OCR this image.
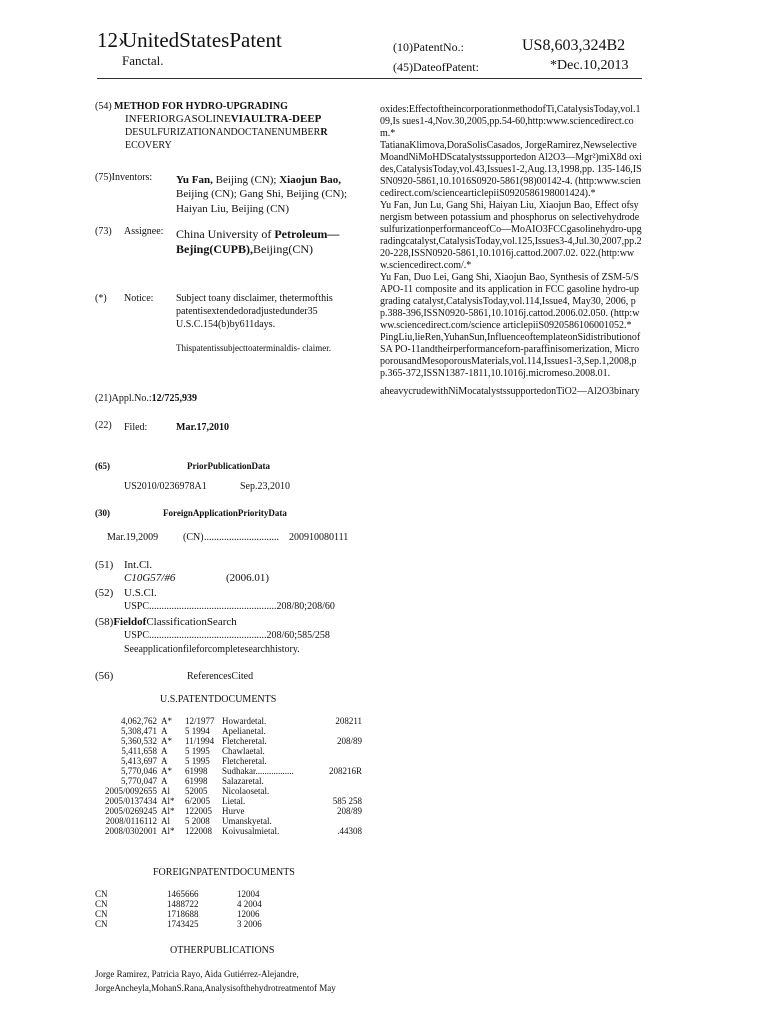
12›
UnitedStatesPatent
Fanctal.
(10)PatentNo.:	US8,603,324B2
(45)DateofPatent:	*Dec.10,2013
(54) METHOD FOR HYDRO-UPGRADING
INFERIORGASOLINEVIAULTRA-DEEP
DESULFURIZATIONANDOCTANENUMBERR
ECOVERY
(75)Inventors: Yu Fan, Beijing (CN); Xiaojun Bao,
Beijing (CN); Gang Shi, Beijing (CN);
Haiyan Liu, Beijing (CN)
(73) Assignee: China University of Petroleum—
Bejing(CUPB),Beijing(CN)
(*) Notice: Subject toany disclaimer, thetermofthis
patentisextendedoradjustedunder35
U.S.C.154(b)by611days.
Thispatentissubjecttoaterminaldis- claimer.
(21)Appl.No.:12/725,939
(22) Filed:	Mar.17,2010
(65)	PriorPublicationData
US2010/0236978A1	Sep.23,2010
(30)	ForeignApplicationPriorityData
Mar.19,2009 (CN) .............................. 200910080111
(51) Int.Cl.
C10G57/#6	(2006.01)
(52) U.S.Cl.
USPC...................................................208/80;208/60
(58)FieldofClassificationSearch
USPC...............................................208/60;585/258
Seeapplicationfileforcompletesearchhistory.
(56)	ReferencesCited
U.S.PATENTDOCUMENTS
4,062,762	A*	12/1977	Howardetal.	208211
5,308,471	A	5 1994	Apelianetal.	
5,360,532	A*	11/1994	Fletcheretal.	208/89
5,411,658	A	5 1995	Chawlaetal.	
5,413,697	A	5 1995	Fletcheretal.	
5,770,046	A*	61998	Sudhakar.................	208216R
5,770,047	A	61998	Salazaretal.	
2005/0092655	Al	52005	Nicolaosetal.	
2005/0137434	Al*	6/2005	Lietal.	585 258
2005/0269245	Al*	122005	Hurve	208/89
2008/0116112	Al	5 2008	Umanskyetal.	
2008/0302001	Al*	122008	Koivusalmietal.	.44308
FOREIGNPATENTDOCUMENTS
CN	1465666	12004
CN	1488722	4 2004
CN	1718688	12006
CN	1743425	3 2006
OTHERPUBLICATIONS
Jorge Ramirez, Patricia Rayo, Aida Gutiérrez-Alejandre,
JorgeAncheyla,MohanS.Rana,Analysisofthehydrotreatmentof May

oxides:EffectoftheincorporationmethodofTi,CatalysisToday,vol.109,Is sues1-4,Nov.30,2005,pp.54-60,http:www.sciencedirect.com.*

TatianaKlimova,DoraSolisCasados, JorgeRamirez,NewselectiveMoandNiMoHDScatalystssupportedon Al2O3—Mgr²)miX8d oxides,CatalysisToday,vol.43,Issues1-2,Aug.13,1998,pp. 135-146,ISSN0920-5861,10.1016S0920-5861(98)00142-4. (http:www.sciencedirect.com/sciencearticlepiiS0920586198001424).*

Yu Fan, Jun Lu, Gang Shi, Haiyan Liu, Xiaojun Bao, Effect ofsynergism between potassium and phosphorus on selectivehydrodesulfurizationperformanceofCo—MoAIO3FCCgasolinehydro-upgradingcatalyst,CatalysisToday,vol.125,Issues3-4,Jul.30,2007,pp.220-228,ISSN0920-5861,10.1016j.cattod.2007.02. 022.(http:www.sciencedirect.com/.*

Yu Fan, Duo Lei, Gang Shi, Xiaojun Bao, Synthesis of ZSM-5/SAPO-11 composite and its application in FCC gasoline hydro-upgrading catalyst,CatalysisToday,vol.114,Issue4, May30, 2006, pp.388-396,ISSN0920-5861,10.1016j.cattod.2006.02.050. (http:www.sciencedirect.com/science articlepiiS0920586106001052.*

PingLiu,lieRen,YuhanSun,InfluenceoftemplateonSidistributionofSA PO-11andtheirperformanceforn-paraffinisomerization, MicroporousandMesoporousMaterials,vol.114,Issues1-3,Sep.1,2008,pp.365-372,ISSN1387-1811,10.1016j.micromeso.2008.01.

aheavycrudewithNiMocatalystssupportedonTiO2—Al2O3binary
